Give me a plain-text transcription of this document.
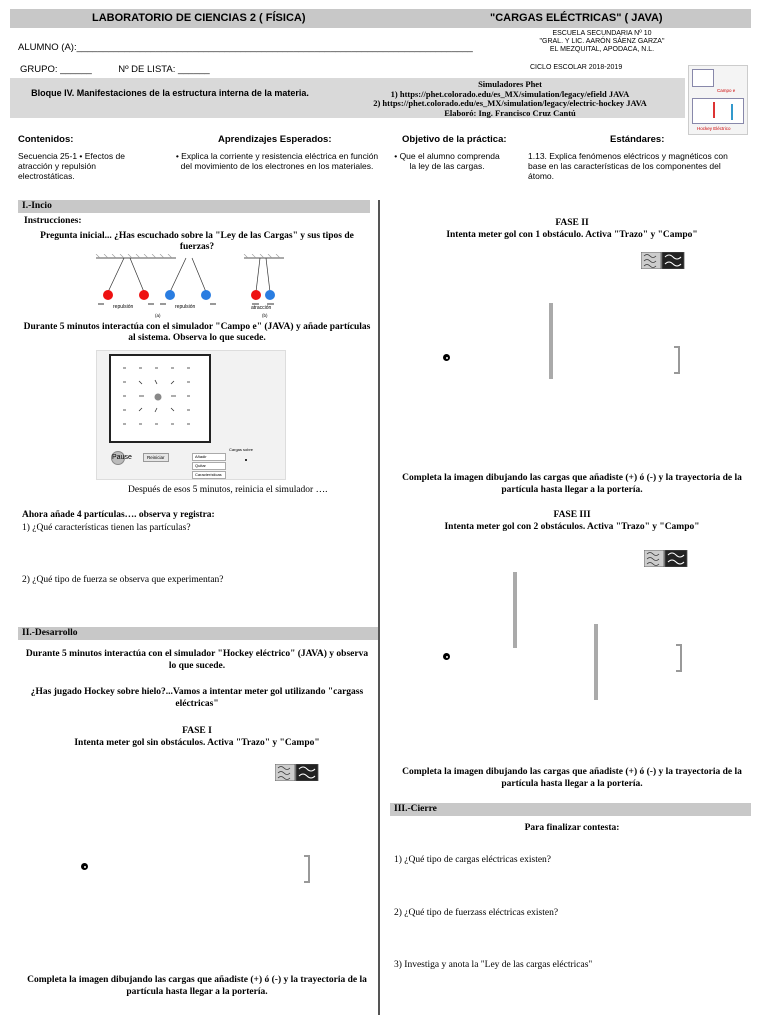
LABORATORIO DE CIENCIAS 2 ( FÍSICA)	"CARGAS ELÉCTRICAS" ( JAVA)
ALUMNO (A):___________________________________________________________________________
GRUPO: ______          Nº DE LISTA: ______
ESCUELA SECUNDARIA Nº 10
"GRAL. Y LIC. AARÓN SÁENZ GARZA"
EL MEZQUITAL, APODACA, N.L.
CICLO ESCOLAR 2018-2019
Bloque IV. Manifestaciones de la estructura interna de la materia.
Simuladores Phet
1) https://phet.colorado.edu/es_MX/simulation/legacy/efield JAVA
2) https://phet.colorado.edu/es_MX/simulation/legacy/electric-hockey JAVA
Elaboró: Ing. Francisco Cruz Cantú
Campo e
Hockey Eléctrico
Contenidos:
Secuencia 25-1 • Efectos de atracción y repulsión electrostáticas.
Aprendizajes Esperados:
• Explica la corriente y resistencia eléctrica en función del movimiento de los electrones en los materiales.
Objetivo de la práctica:
• Que el alumno comprenda la ley de las cargas.
Estándares:
1.13. Explica fenómenos eléctricos y magnéticos con base en las características de los componentes del átomo.
I.-Incio
Instrucciones:
Pregunta inicial... ¿Has escuchado sobre la "Ley de las Cargas" y sus tipos de fuerzas?
repulsión	repulsión	atracción
(a)	(b)
Durante 5 minutos interactúa con el simulador "Campo e" (JAVA) y añade partículas al sistema. Observa lo que sucede.
Pause	Reiniciar
Cargas sobre
Añadir
Quitar
Características
Después de esos 5 minutos, reinicia el simulador ….
Ahora añade 4 partículas…. observa y registra:
1) ¿Qué características tienen las partículas?
2) ¿Qué tipo de fuerza se observa que experimentan?
II.-Desarrollo
Durante 5 minutos interactúa con el simulador "Hockey eléctrico" (JAVA) y observa lo que sucede.
¿Has jugado Hockey sobre hielo?...Vamos a intentar meter gol utilizando "cargass eléctricas"
FASE I
Intenta meter gol sin obstáculos. Activa "Trazo" y "Campo"
Completa la imagen dibujando las cargas que añadiste (+) ó (-) y la trayectoria de la partícula hasta llegar a la portería.
FASE II
Intenta meter gol con 1 obstáculo. Activa "Trazo" y "Campo"
Completa la imagen dibujando las cargas que añadiste (+) ó (-) y la trayectoria de la partícula hasta llegar a la portería.
FASE III
Intenta meter gol con 2 obstáculos. Activa "Trazo" y "Campo"
Completa la imagen dibujando las cargas que añadiste (+) ó (-) y la trayectoria de la partícula hasta llegar a la portería.
III.-Cierre
Para finalizar contesta:
1) ¿Qué tipo de cargas eléctricas existen?
2) ¿Qué tipo de fuerzass eléctricas existen?
3) Investiga y anota la "Ley de las cargas eléctricas"
